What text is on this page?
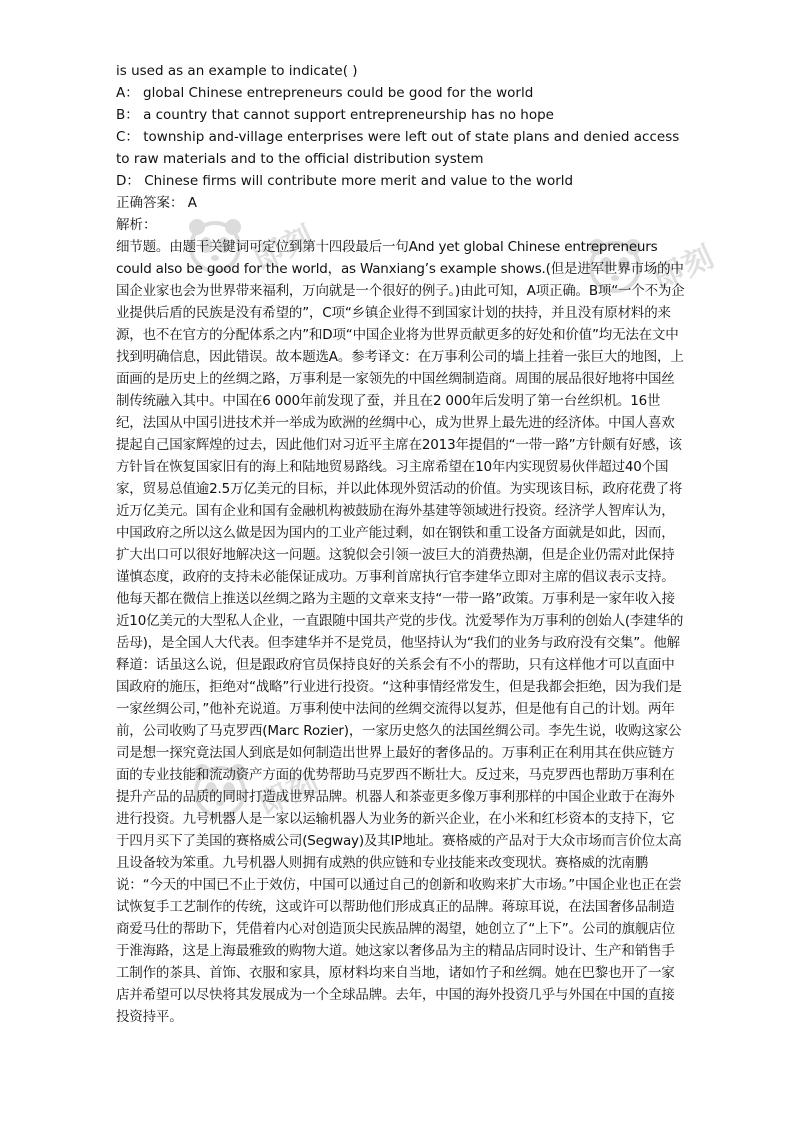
即刻	即刻
即刻

is used as an example to indicate( )

A： global Chinese entrepreneurs could be good for the world

B： a country that cannot support entrepreneurship has no hope

C： township and-village enterprises were left out of state plans and denied access to raw materials and to the official distribution system

D： Chinese firms will contribute more merit and value to the world

正确答案： A

解析：

细节题。由题干关键词可定位到第十四段最后一句And yet global Chinese entrepreneurs could also be good for the world，as Wanxiang’s example shows.(但是进军世界市场的中国企业家也会为世界带来福利，万向就是一个很好的例子。)由此可知，A项正确。B项“一个不为企业提供后盾的民族是没有希望的”，C项“乡镇企业得不到国家计划的扶持，并且没有原材料的来源，也不在官方的分配体系之内”和D项“中国企业将为世界贡献更多的好处和价值”均无法在文中找到明确信息，因此错误。故本题选A。参考译文：在万事利公司的墙上挂着一张巨大的地图，上面画的是历史上的丝绸之路，万事利是一家领先的中国丝绸制造商。周围的展品很好地将中国丝制传统融入其中。中国在6 000年前发现了蚕，并且在2 000年后发明了第一台丝织机。16世纪，法国从中国引进技术并一举成为欧洲的丝绸中心，成为世界上最先进的经济体。中国人喜欢提起自己国家辉煌的过去，因此他们对习近平主席在2013年提倡的“一带一路”方针颇有好感，该方针旨在恢复国家旧有的海上和陆地贸易路线。习主席希望在10年内实现贸易伙伴超过40个国家，贸易总值逾2.5万亿美元的目标，并以此体现外贸活动的价值。为实现该目标，政府花费了将近万亿美元。国有企业和国有金融机构被鼓励在海外基建等领域进行投资。经济学人智库认为，中国政府之所以这么做是因为国内的工业产能过剩，如在钢铁和重工设备方面就是如此，因而，扩大出口可以很好地解决这一问题。这貌似会引领一波巨大的消费热潮，但是企业仍需对此保持谨慎态度，政府的支持未必能保证成功。万事利首席执行官李建华立即对主席的倡议表示支持。他每天都在微信上推送以丝绸之路为主题的文章来支持“一带一路”政策。万事利是一家年收入接近10亿美元的大型私人企业，一直跟随中国共产党的步伐。沈爱琴作为万事利的创始人(李建华的岳母)，是全国人大代表。但李建华并不是党员，他坚持认为“我们的业务与政府没有交集”。他解释道：话虽这么说，但是跟政府官员保持良好的关系会有不小的帮助，只有这样他才可以直面中国政府的施压，拒绝对“战略”行业进行投资。“这种事情经常发生，但是我都会拒绝，因为我们是一家丝绸公司，”他补充说道。万事利使中法间的丝绸交流得以复苏，但是他有自己的计划。两年前，公司收购了马克罗西(Marc Rozier)，一家历史悠久的法国丝绸公司。李先生说，收购这家公司是想一探究竟法国人到底是如何制造出世界上最好的奢侈品的。万事利正在利用其在供应链方面的专业技能和流动资产方面的优势帮助马克罗西不断壮大。反过来，马克罗西也帮助万事利在提升产品的品质的同时打造成世界品牌。机器人和茶壶更多像万事利那样的中国企业敢于在海外进行投资。九号机器人是一家以运输机器人为业务的新兴企业，在小米和红杉资本的支持下，它于四月买下了美国的赛格威公司(Segway)及其IP地址。赛格威的产品对于大众市场而言价位太高且设备较为笨重。九号机器人则拥有成熟的供应链和专业技能来改变现状。赛格威的沈南鹏说：“今天的中国已不止于效仿，中国可以通过自己的创新和收购来扩大市场。”中国企业也正在尝试恢复手工艺制作的传统，这或许可以帮助他们形成真正的品牌。蒋琼耳说，在法国奢侈品制造商爱马仕的帮助下，凭借着内心对创造顶尖民族品牌的渴望，她创立了“上下”。公司的旗舰店位于淮海路，这是上海最雅致的购物大道。她这家以奢侈品为主的精品店同时设计、生产和销售手工制作的茶具、首饰、衣服和家具，原材料均来自当地，诸如竹子和丝绸。她在巴黎也开了一家店并希望可以尽快将其发展成为一个全球品牌。去年，中国的海外投资几乎与外国在中国的直接投资持平。
